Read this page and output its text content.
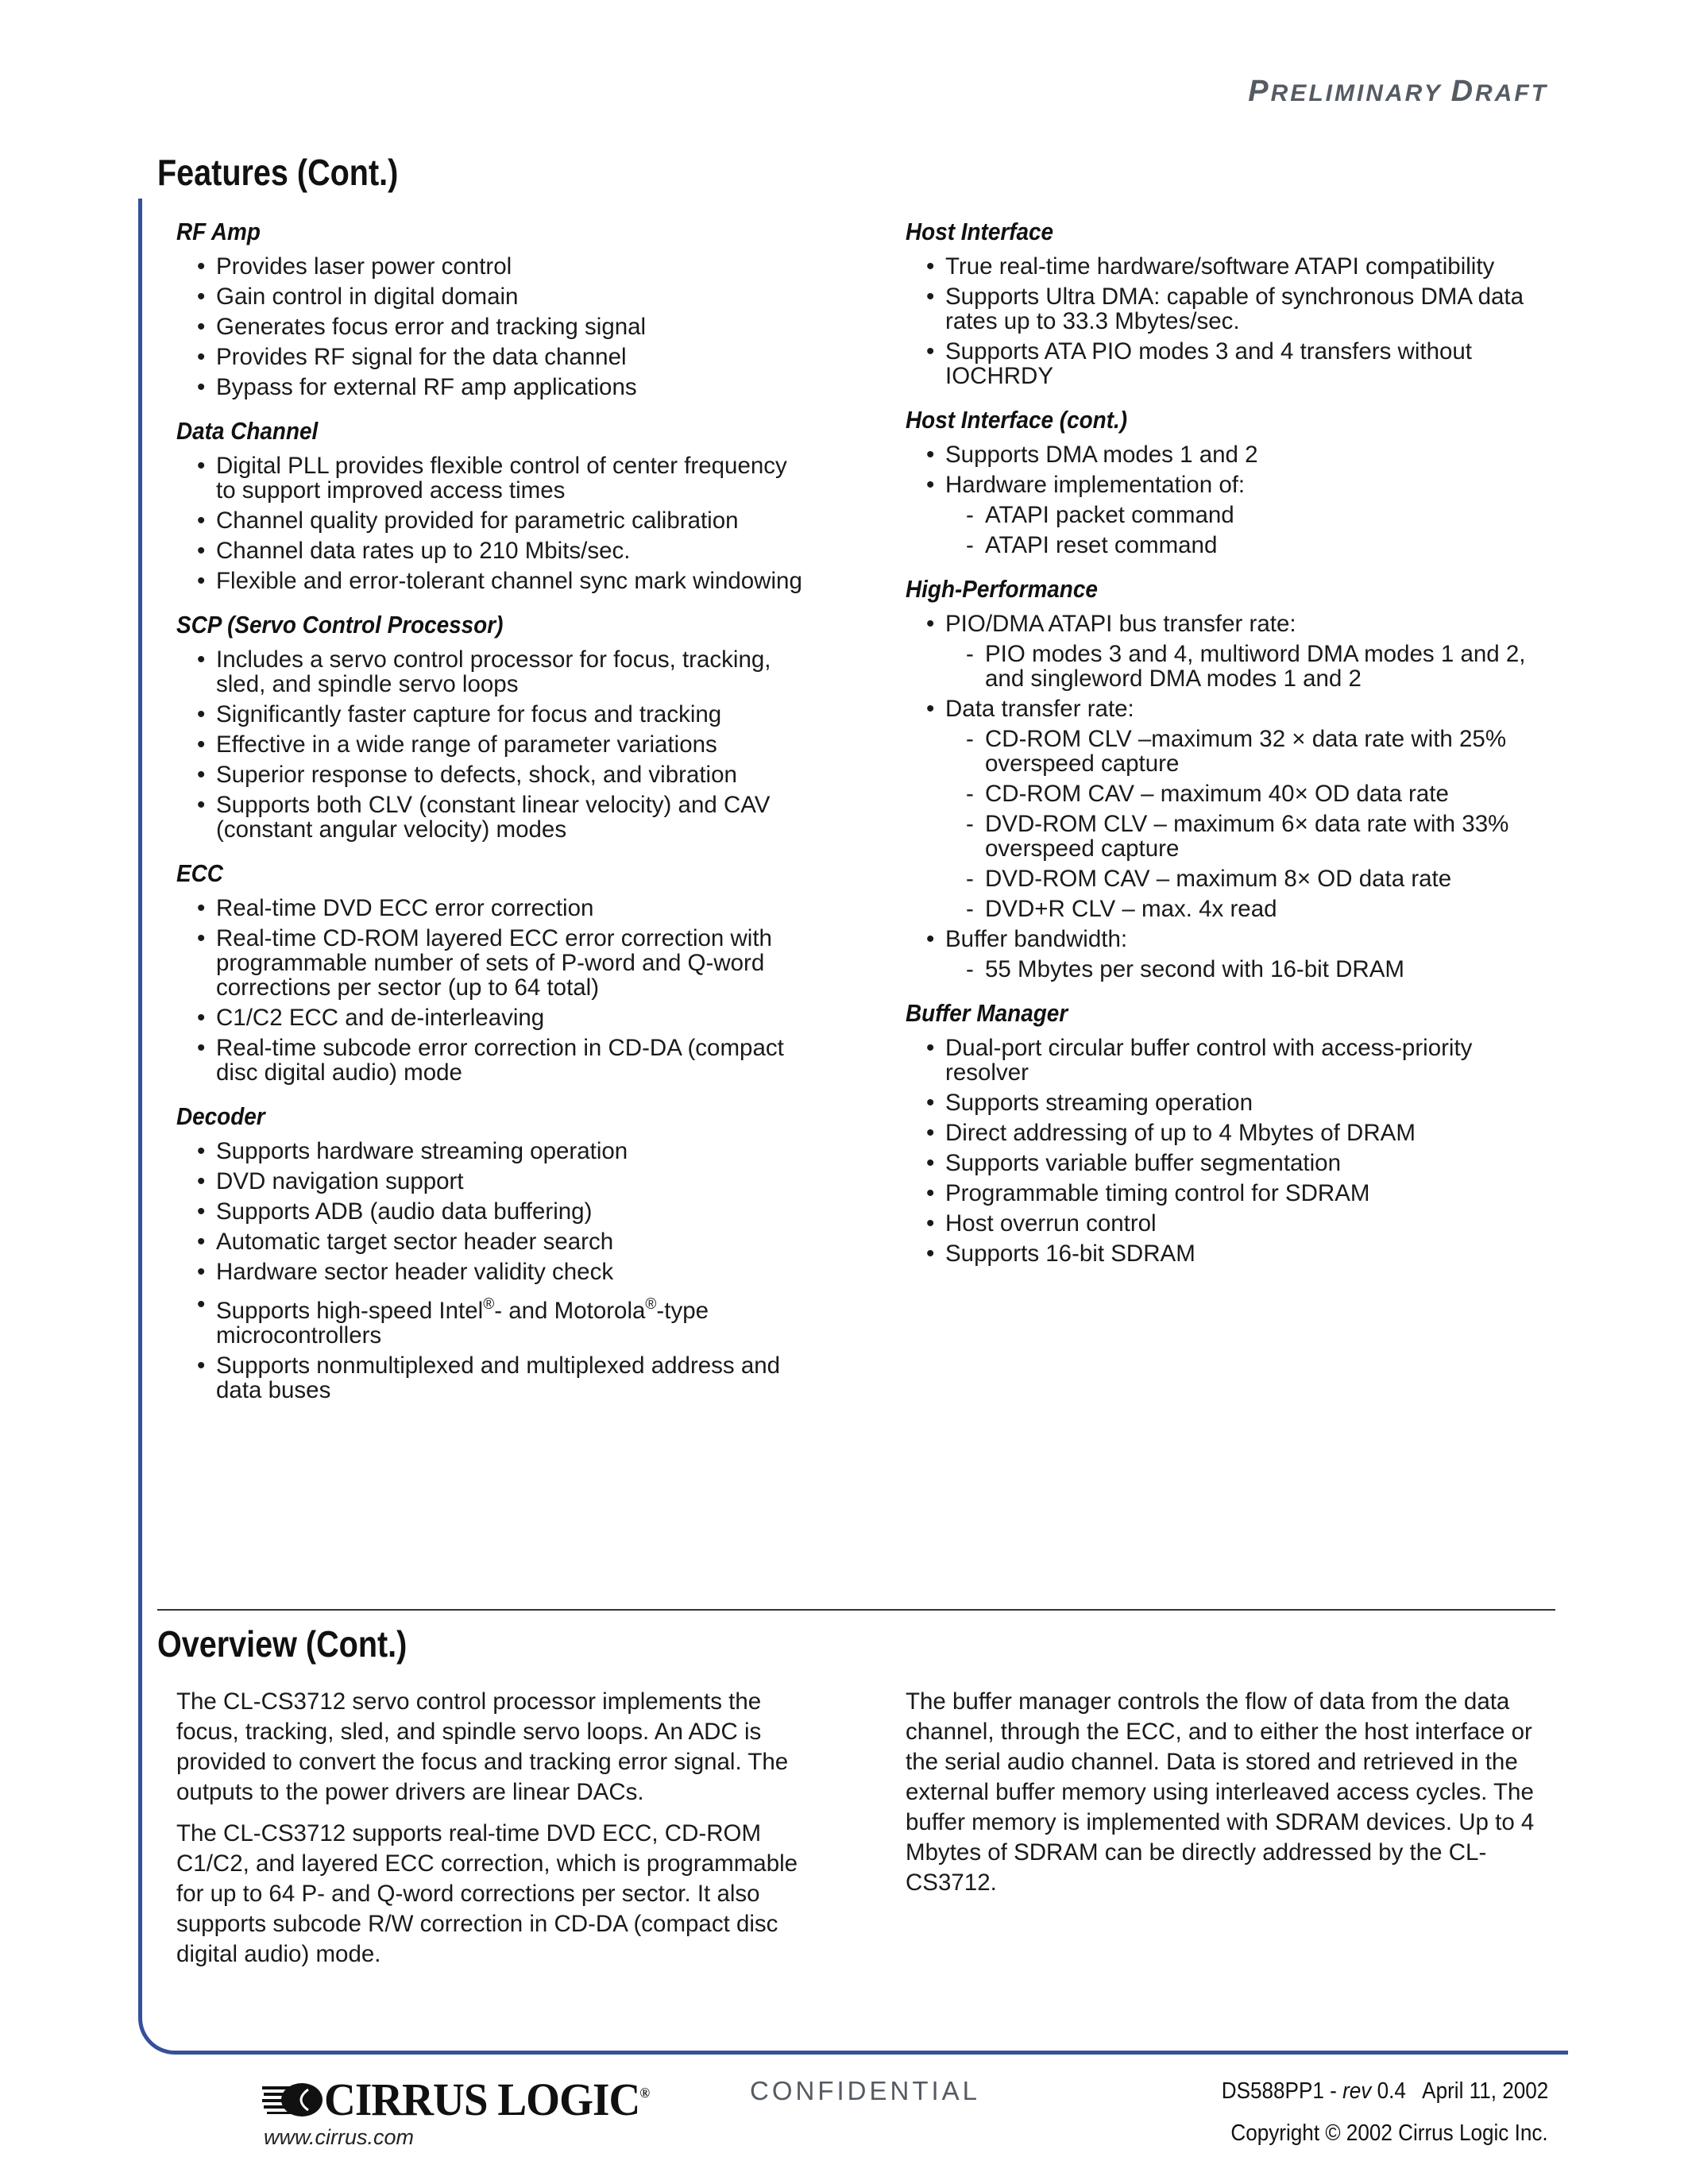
PRELIMINARY DRAFT
Features (Cont.)
RF Amp
• Provides laser power control
• Gain control in digital domain
• Generates focus error and tracking signal
• Provides RF signal for the data channel
• Bypass for external RF amp applications
Data Channel
• Digital PLL provides flexible control of center frequency to support improved access times
• Channel quality provided for parametric calibration
• Channel data rates up to 210 Mbits/sec.
• Flexible and error-tolerant channel sync mark windowing
SCP (Servo Control Processor)
• Includes a servo control processor for focus, tracking, sled, and spindle servo loops
• Significantly faster capture for focus and tracking
• Effective in a wide range of parameter variations
• Superior response to defects, shock, and vibration
• Supports both CLV (constant linear velocity) and CAV (constant angular velocity) modes
ECC
• Real-time DVD ECC error correction
• Real-time CD-ROM layered ECC error correction with programmable number of sets of P-word and Q-word corrections per sector (up to 64 total)
• C1/C2 ECC and de-interleaving
• Real-time subcode error correction in CD-DA (compact disc digital audio) mode
Decoder
• Supports hardware streaming operation
• DVD navigation support
• Supports ADB (audio data buffering)
• Automatic target sector header search
• Hardware sector header validity check
• Supports high-speed Intel®- and Motorola®-type microcontrollers
• Supports nonmultiplexed and multiplexed address and data buses
Host Interface
• True real-time hardware/software ATAPI compatibility
• Supports Ultra DMA: capable of synchronous DMA data rates up to 33.3 Mbytes/sec.
• Supports ATA PIO modes 3 and 4 transfers without IOCHRDY
Host Interface (cont.)
• Supports DMA modes 1 and 2
• Hardware implementation of:
- ATAPI packet command
- ATAPI reset command
High-Performance
• PIO/DMA ATAPI bus transfer rate:
- PIO modes 3 and 4, multiword DMA modes 1 and 2, and singleword DMA modes 1 and 2
• Data transfer rate:
- CD-ROM CLV –maximum 32 × data rate with 25% overspeed capture
- CD-ROM CAV – maximum 40× OD data rate
- DVD-ROM CLV – maximum 6× data rate with 33% overspeed capture
- DVD-ROM CAV – maximum 8× OD data rate
- DVD+R CLV – max. 4x read
• Buffer bandwidth:
- 55 Mbytes per second with 16-bit DRAM
Buffer Manager
• Dual-port circular buffer control with access-priority resolver
• Supports streaming operation
• Direct addressing of up to 4 Mbytes of DRAM
• Supports variable buffer segmentation
• Programmable timing control for SDRAM
• Host overrun control
• Supports 16-bit SDRAM
Overview (Cont.)

The CL-CS3712 servo control processor implements the focus, tracking, sled, and spindle servo loops. An ADC is provided to convert the focus and tracking error signal. The outputs to the power drivers are linear DACs.

The CL-CS3712 supports real-time DVD ECC, CD-ROM C1/C2, and layered ECC correction, which is programmable for up to 64 P- and Q-word corrections per sector. It also supports subcode R/W correction in CD-DA (compact disc digital audio) mode.

The buffer manager controls the flow of data from the data channel, through the ECC, and to either the host interface or the serial audio channel. Data is stored and retrieved in the external buffer memory using interleaved access cycles. The buffer memory is implemented with SDRAM devices. Up to 4 Mbytes of SDRAM can be directly addressed by the CL-CS3712.

CIRRUS LOGIC®
www.cirrus.com
CONFIDENTIAL	DS588PP1 - rev 0.4   April 11, 2002
Copyright © 2002 Cirrus Logic Inc.
